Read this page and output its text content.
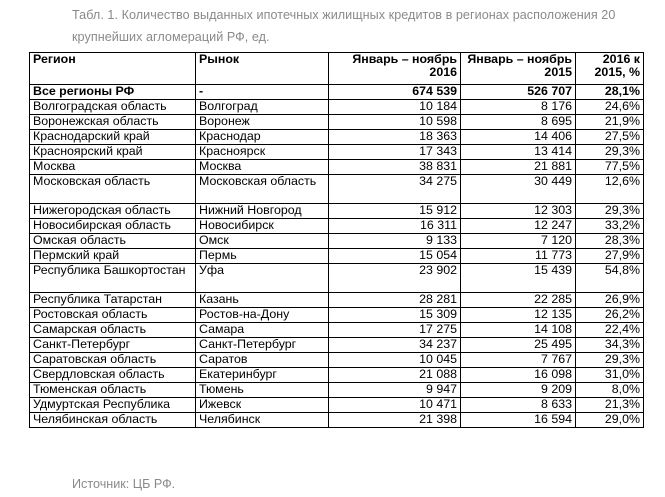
Табл. 1. Количество выданных ипотечных жилищных кредитов в регионах расположения 20
крупнейших агломераций РФ, ед.
Регион	Рынок	Январь – ноябрь 2016	Январь – ноябрь 2015	2016 к 2015, %
Все регионы РФ	-	674 539	526 707	28,1%
Волгоградская область	Волгоград	10 184	8 176	24,6%
Воронежская область	Воронеж	10 598	8 695	21,9%
Краснодарский край	Краснодар	18 363	14 406	27,5%
Красноярский край	Красноярск	17 343	13 414	29,3%
Москва	Москва	38 831	21 881	77,5%
Московская область	Московская область	34 275	30 449	12,6%
Нижегородская область	Нижний Новгород	15 912	12 303	29,3%
Новосибирская область	Новосибирск	16 311	12 247	33,2%
Омская область	Омск	9 133	7 120	28,3%
Пермский край	Пермь	15 054	11 773	27,9%
Республика Башкортостан	Уфа	23 902	15 439	54,8%
Республика Татарстан	Казань	28 281	22 285	26,9%
Ростовская область	Ростов-на-Дону	15 309	12 135	26,2%
Самарская область	Самара	17 275	14 108	22,4%
Санкт-Петербург	Санкт-Петербург	34 237	25 495	34,3%
Саратовская область	Саратов	10 045	7 767	29,3%
Свердловская область	Екатеринбург	21 088	16 098	31,0%
Тюменская область	Тюмень	9 947	9 209	8,0%
Удмуртская Республика	Ижевск	10 471	8 633	21,3%
Челябинская область	Челябинск	21 398	16 594	29,0%
Источник: ЦБ РФ.
